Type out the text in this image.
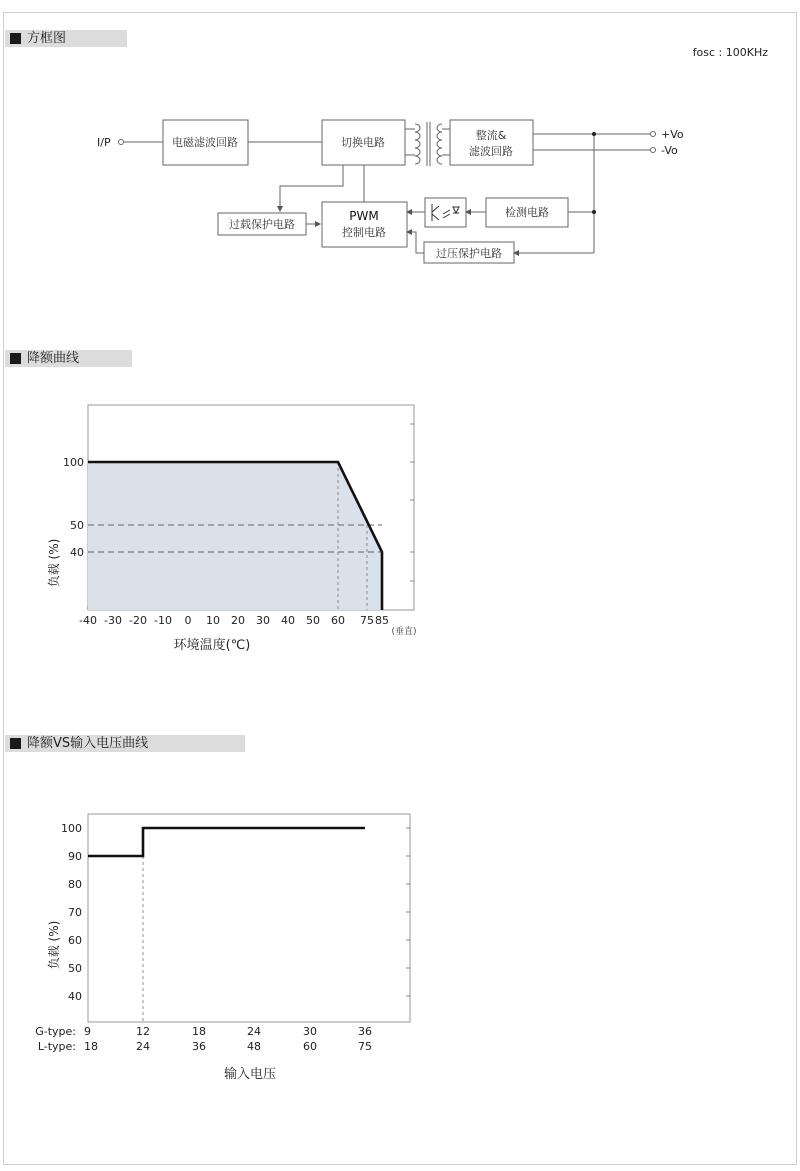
方框图
降额曲线
降额VS输入电压曲线
fosc : 100KHz
I/P	电磁滤波回路	切换电路
整流&
滤波回路
+Vo
-Vo
PWM
控制电路
过载保护电路
检测电路
过压保护电路
-40 -30 -20 -10 0 10 20 30 40 50 60 75 85
40
50
100
环境温度(℃)
(垂直)
负载 (%)
40
50
60
70
80
90
100
G-type: 9	12	18	24	30	36
L-type: 18	24	36	48	60	75
输入电压
负载 (%)
